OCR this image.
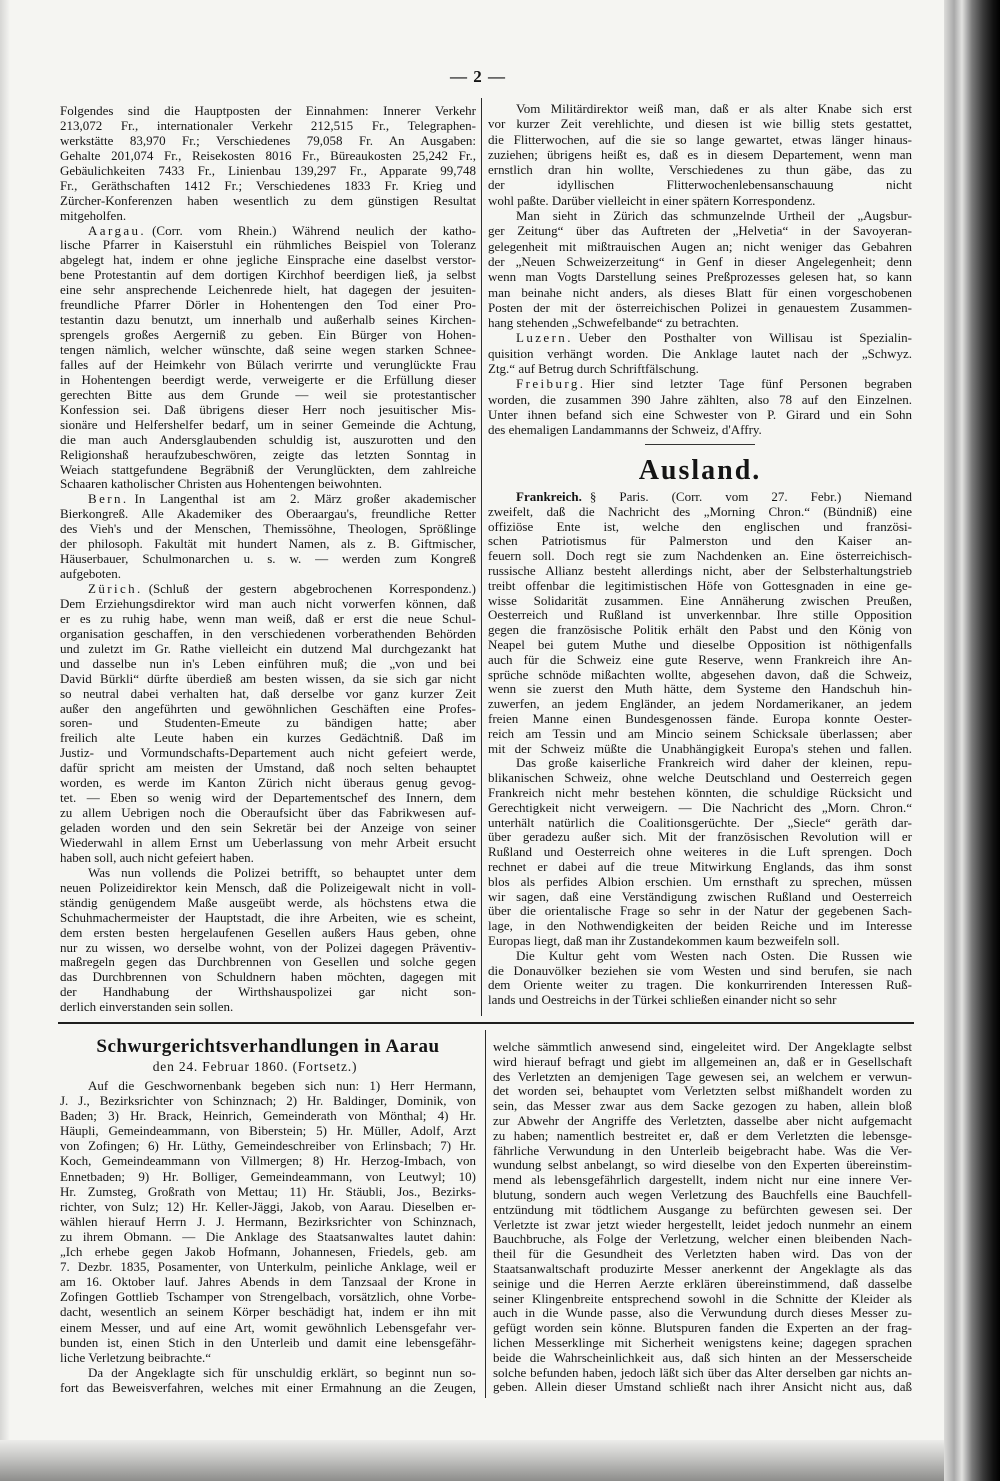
— 2 —
Folgendes sind die Hauptposten der Einnahmen: Innerer Verkehr
213,072 Fr., internationaler Verkehr 212,515 Fr., Telegraphen-
werkstätte 83,970 Fr.; Verschiedenes 79,058 Fr. An Ausgaben:
Gehalte 201,074 Fr., Reisekosten 8016 Fr., Büreaukosten 25,242 Fr.,
Gebäulichkeiten 7433 Fr., Linienbau 139,297 Fr., Apparate 99,748
Fr., Geräthschaften 1412 Fr.; Verschiedenes 1833 Fr. Krieg und
Zürcher-Konferenzen haben wesentlich zu dem günstigen Resultat
mitgeholfen.
Aargau. (Corr. vom Rhein.) Während neulich der katho-
lische Pfarrer in Kaiserstuhl ein rühmliches Beispiel von Toleranz
abgelegt hat, indem er ohne jegliche Einsprache eine daselbst verstor-
bene Protestantin auf dem dortigen Kirchhof beerdigen ließ, ja selbst
eine sehr ansprechende Leichenrede hielt, hat dagegen der jesuiten-
freundliche Pfarrer Dörler in Hohentengen den Tod einer Pro-
testantin dazu benutzt, um innerhalb und außerhalb seines Kirchen-
sprengels großes Aergerniß zu geben. Ein Bürger von Hohen-
tengen nämlich, welcher wünschte, daß seine wegen starken Schnee-
falles auf der Heimkehr von Bülach verirrte und verunglückte Frau
in Hohentengen beerdigt werde, verweigerte er die Erfüllung dieser
gerechten Bitte aus dem Grunde — weil sie protestantischer
Konfession sei. Daß übrigens dieser Herr noch jesuitischer Mis-
sionäre und Helfershelfer bedarf, um in seiner Gemeinde die Achtung,
die man auch Andersglaubenden schuldig ist, auszurotten und den
Religionshaß heraufzubeschwören, zeigte das letzten Sonntag in
Weiach stattgefundene Begräbniß der Verunglückten, dem zahlreiche
Schaaren katholischer Christen aus Hohentengen beiwohnten.
Bern. In Langenthal ist am 2. März großer akademischer
Bierkongreß. Alle Akademiker des Oberaargau's, freundliche Retter
des Vieh's und der Menschen, Themissöhne, Theologen, Sprößlinge
der philosoph. Fakultät mit hundert Namen, als z. B. Giftmischer,
Häuserbauer, Schulmonarchen u. s. w. — werden zum Kongreß
aufgeboten.
Zürich. (Schluß der gestern abgebrochenen Korrespondenz.)
Dem Erziehungsdirektor wird man auch nicht vorwerfen können, daß
er es zu ruhig habe, wenn man weiß, daß er erst die neue Schul-
organisation geschaffen, in den verschiedenen vorberathenden Behörden
und zuletzt im Gr. Rathe vielleicht ein dutzend Mal durchgezankt hat
und dasselbe nun in's Leben einführen muß; die „von und bei
David Bürkli“ dürfte überdieß am besten wissen, da sie sich gar nicht
so neutral dabei verhalten hat, daß derselbe vor ganz kurzer Zeit
außer den angeführten und gewöhnlichen Geschäften eine Profes-
soren- und Studenten-Emeute zu bändigen hatte; aber
freilich alte Leute haben ein kurzes Gedächtniß. Daß im
Justiz- und Vormundschafts-Departement auch nicht gefeiert werde,
dafür spricht am meisten der Umstand, daß noch selten behauptet
worden, es werde im Kanton Zürich nicht überaus genug gevog-
tet. — Eben so wenig wird der Departementschef des Innern, dem
zu allem Uebrigen noch die Oberaufsicht über das Fabrikwesen auf-
geladen worden und den sein Sekretär bei der Anzeige von seiner
Wiederwahl in allem Ernst um Ueberlassung von mehr Arbeit ersucht
haben soll, auch nicht gefeiert haben.
Was nun vollends die Polizei betrifft, so behauptet unter dem
neuen Polizeidirektor kein Mensch, daß die Polizeigewalt nicht in voll-
ständig genügendem Maße ausgeübt werde, als höchstens etwa die
Schuhmachermeister der Hauptstadt, die ihre Arbeiten, wie es scheint,
dem ersten besten hergelaufenen Gesellen außers Haus geben, ohne
nur zu wissen, wo derselbe wohnt, von der Polizei dagegen Präventiv-
maßregeln gegen das Durchbrennen von Gesellen und solche gegen
das Durchbrennen von Schuldnern haben möchten, dagegen mit
der Handhabung der Wirthshauspolizei gar nicht son-
derlich einverstanden sein sollen.
Vom Militärdirektor weiß man, daß er als alter Knabe sich erst
vor kurzer Zeit verehlichte, und diesen ist wie billig stets gestattet,
die Flitterwochen, auf die sie so lange gewartet, etwas länger hinaus-
zuziehen; übrigens heißt es, daß es in diesem Departement, wenn man
ernstlich dran hin wollte, Verschiedenes zu thun gäbe, das zu
der idyllischen Flitterwochenlebensanschauung nicht
wohl paßte. Darüber vielleicht in einer spätern Korrespondenz.
Man sieht in Zürich das schmunzelnde Urtheil der „Augsbur-
ger Zeitung“ über das Auftreten der „Helvetia“ in der Savoyeran-
gelegenheit mit mißtrauischen Augen an; nicht weniger das Gebahren
der „Neuen Schweizerzeitung“ in Genf in dieser Angelegenheit; denn
wenn man Vogts Darstellung seines Preßprozesses gelesen hat, so kann
man beinahe nicht anders, als dieses Blatt für einen vorgeschobenen
Posten der mit der österreichischen Polizei in genauestem Zusammen-
hang stehenden „Schwefelbande“ zu betrachten.
Luzern. Ueber den Posthalter von Willisau ist Spezialin-
quisition verhängt worden. Die Anklage lautet nach der „Schwyz.
Ztg.“ auf Betrug durch Schriftfälschung.
Freiburg. Hier sind letzter Tage fünf Personen begraben
worden, die zusammen 390 Jahre zählten, also 78 auf den Einzelnen.
Unter ihnen befand sich eine Schwester von P. Girard und ein Sohn
des ehemaligen Landammanns der Schweiz, d'Affry.
Ausland.
Frankreich. § Paris. (Corr. vom 27. Febr.) Niemand
zweifelt, daß die Nachricht des „Morning Chron.“ (Bündniß) eine
offiziöse Ente ist, welche den englischen und französi-
schen Patriotismus für Palmerston und den Kaiser an-
feuern soll. Doch regt sie zum Nachdenken an. Eine österreichisch-
russische Allianz besteht allerdings nicht, aber der Selbsterhaltungstrieb
treibt offenbar die legitimistischen Höfe von Gottesgnaden in eine ge-
wisse Solidarität zusammen. Eine Annäherung zwischen Preußen,
Oesterreich und Rußland ist unverkennbar. Ihre stille Opposition
gegen die französische Politik erhält den Pabst und den König von
Neapel bei gutem Muthe und dieselbe Opposition ist nöthigenfalls
auch für die Schweiz eine gute Reserve, wenn Frankreich ihre An-
sprüche schnöde mißachten wollte, abgesehen davon, daß die Schweiz,
wenn sie zuerst den Muth hätte, dem Systeme den Handschuh hin-
zuwerfen, an jedem Engländer, an jedem Nordamerikaner, an jedem
freien Manne einen Bundesgenossen fände. Europa konnte Oester-
reich am Tessin und am Mincio seinem Schicksale überlassen; aber
mit der Schweiz müßte die Unabhängigkeit Europa's stehen und fallen.
Das große kaiserliche Frankreich wird daher der kleinen, repu-
blikanischen Schweiz, ohne welche Deutschland und Oesterreich gegen
Frankreich nicht mehr bestehen könnten, die schuldige Rücksicht und
Gerechtigkeit nicht verweigern. — Die Nachricht des „Morn. Chron.“
unterhält natürlich die Coalitionsgerüchte. Der „Siecle“ geräth dar-
über geradezu außer sich. Mit der französischen Revolution will er
Rußland und Oesterreich ohne weiteres in die Luft sprengen. Doch
rechnet er dabei auf die treue Mitwirkung Englands, das ihm sonst
blos als perfides Albion erschien. Um ernsthaft zu sprechen, müssen
wir sagen, daß eine Verständigung zwischen Rußland und Oesterreich
über die orientalische Frage so sehr in der Natur der gegebenen Sach-
lage, in den Nothwendigkeiten der beiden Reiche und im Interesse
Europas liegt, daß man ihr Zustandekommen kaum bezweifeln soll.
Die Kultur geht vom Westen nach Osten. Die Russen wie
die Donauvölker beziehen sie vom Westen und sind berufen, sie nach
dem Oriente weiter zu tragen. Die konkurrirenden Interessen Ruß-
lands und Oestreichs in der Türkei schließen einander nicht so sehr
Schwurgerichtsverhandlungen in Aarau
den 24. Februar 1860. (Fortsetz.)
Auf die Geschwornenbank begeben sich nun: 1) Herr Hermann,
J. J., Bezirksrichter von Schinznach; 2) Hr. Baldinger, Dominik, von
Baden; 3) Hr. Brack, Heinrich, Gemeinderath von Mönthal; 4) Hr.
Häupli, Gemeindeammann, von Biberstein; 5) Hr. Müller, Adolf, Arzt
von Zofingen; 6) Hr. Lüthy, Gemeindeschreiber von Erlinsbach; 7) Hr.
Koch, Gemeindeammann von Villmergen; 8) Hr. Herzog-Imbach, von
Ennetbaden; 9) Hr. Bolliger, Gemeindeammann, von Leutwyl; 10)
Hr. Zumsteg, Großrath von Mettau; 11) Hr. Stäubli, Jos., Bezirks-
richter, von Sulz; 12) Hr. Keller-Jäggi, Jakob, von Aarau. Dieselben er-
wählen hierauf Herrn J. J. Hermann, Bezirksrichter von Schinznach,
zu ihrem Obmann. — Die Anklage des Staatsanwaltes lautet dahin:
„Ich erhebe gegen Jakob Hofmann, Johannesen, Friedels, geb. am
7. Dezbr. 1835, Posamenter, von Unterkulm, peinliche Anklage, weil er
am 16. Oktober lauf. Jahres Abends in dem Tanzsaal der Krone in
Zofingen Gottlieb Tschamper von Strengelbach, vorsätzlich, ohne Vorbe-
dacht, wesentlich an seinem Körper beschädigt hat, indem er ihn mit
einem Messer, und auf eine Art, womit gewöhnlich Lebensgefahr ver-
bunden ist, einen Stich in den Unterleib und damit eine lebensgefähr-
liche Verletzung beibrachte.“
Da der Angeklagte sich für unschuldig erklärt, so beginnt nun so-
fort das Beweisverfahren, welches mit einer Ermahnung an die Zeugen,
welche sämmtlich anwesend sind, eingeleitet wird. Der Angeklagte selbst
wird hierauf befragt und giebt im allgemeinen an, daß er in Gesellschaft
des Verletzten an demjenigen Tage gewesen sei, an welchem er verwun-
det worden sei, behauptet vom Verletzten selbst mißhandelt worden zu
sein, das Messer zwar aus dem Sacke gezogen zu haben, allein bloß
zur Abwehr der Angriffe des Verletzten, dasselbe aber nicht aufgemacht
zu haben; namentlich bestreitet er, daß er dem Verletzten die lebensge-
fährliche Verwundung in den Unterleib beigebracht habe. Was die Ver-
wundung selbst anbelangt, so wird dieselbe von den Experten übereinstim-
mend als lebensgefährlich dargestellt, indem nicht nur eine innere Ver-
blutung, sondern auch wegen Verletzung des Bauchfells eine Bauchfell-
entzündung mit tödtlichem Ausgange zu befürchten gewesen sei. Der
Verletzte ist zwar jetzt wieder hergestellt, leidet jedoch nunmehr an einem
Bauchbruche, als Folge der Verletzung, welcher einen bleibenden Nach-
theil für die Gesundheit des Verletzten haben wird. Das von der
Staatsanwaltschaft produzirte Messer anerkennt der Angeklagte als das
seinige und die Herren Aerzte erklären übereinstimmend, daß dasselbe
seiner Klingenbreite entsprechend sowohl in die Schnitte der Kleider als
auch in die Wunde passe, also die Verwundung durch dieses Messer zu-
gefügt worden sein könne. Blutspuren fanden die Experten an der frag-
lichen Messerklinge mit Sicherheit wenigstens keine; dagegen sprachen
beide die Wahrscheinlichkeit aus, daß sich hinten an der Messerscheide
solche befunden haben, jedoch läßt sich über das Alter derselben gar nichts an-
geben. Allein dieser Umstand schließt nach ihrer Ansicht nicht aus, daß
